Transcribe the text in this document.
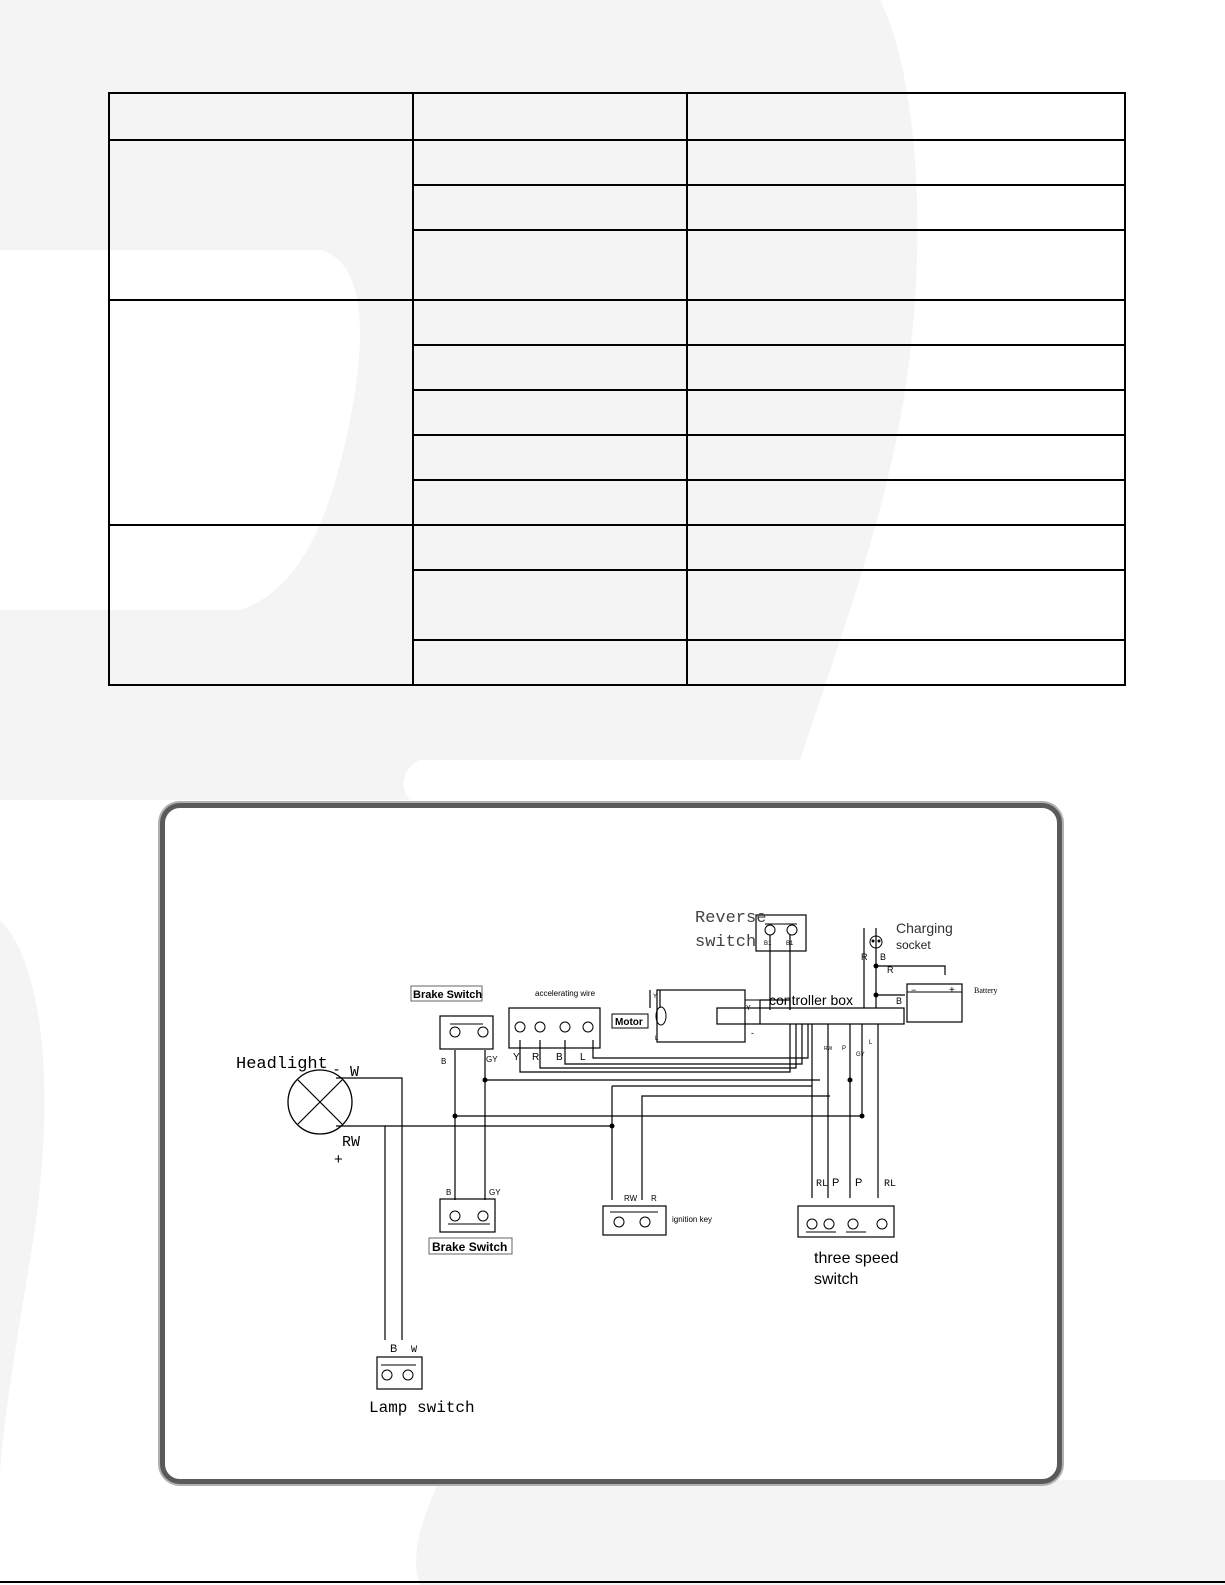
Headlight - W
RW
+
Brake Switch
B	GY
B	GY
Brake Switch
accelerating wire
Y R B L
Motor
Y
L
Y
-
Reverse
switch B1 B1
controller box
RW P
GY
L
Charging
socket
R B
−	+ Battery
R
B
ignition key
RW R
RL P P RL
three speed
switch
B W
Lamp switch
